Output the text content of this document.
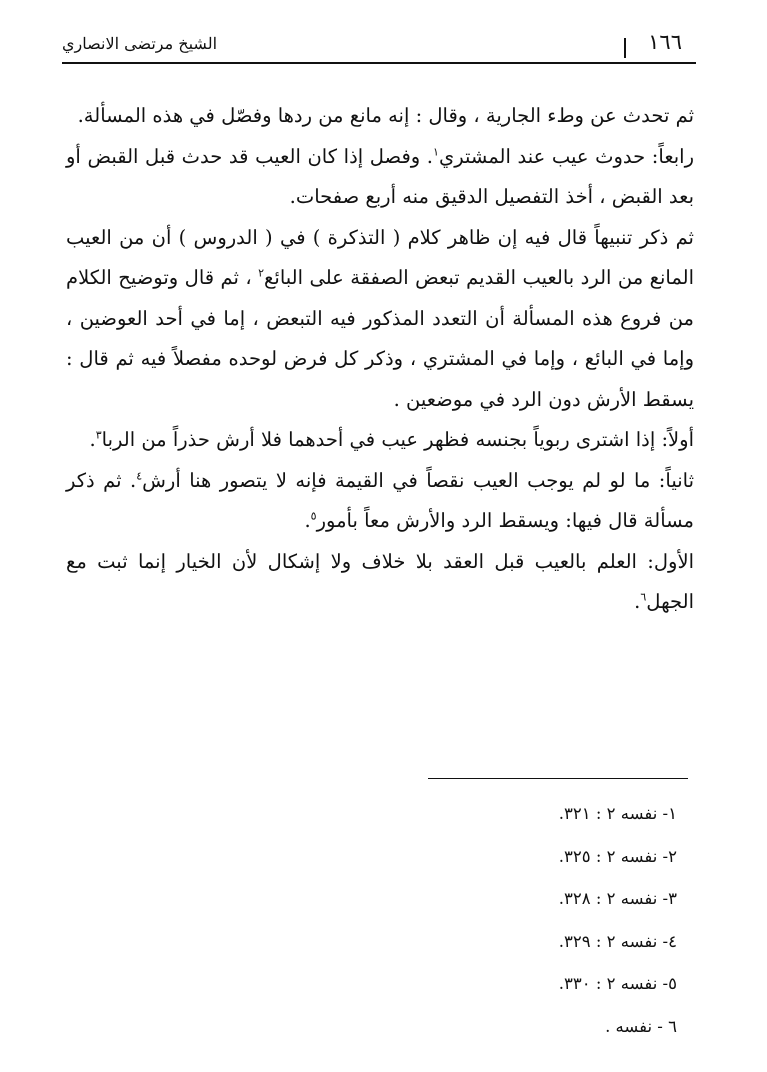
الشيخ مرتضى الانصاري	١٦٦

ثم تحدث عن وطء الجارية ، وقال : إنه مانع من ردها وفصّل في هذه المسألة.

رابعاً: حدوث عيب عند المشتري$^١$. وفصل إذا كان العيب قد حدث قبل القبض أو بعد القبض ، أخذ التفصيل الدقيق منه أربع صفحات.

ثم ذكر تنبيهاً قال فيه إن ظاهر كلام ( التذكرة ) في ( الدروس ) أن من العيب المانع من الرد بالعيب القديم تبعض الصفقة على البائع$^٢$ ، ثم قال وتوضيح الكلام من فروع هذه المسألة أن التعدد المذكور فيه التبعض ، إما في أحد العوضين ، وإما في البائع ، وإما في المشتري ، وذكر كل فرض لوحده مفصلاً فيه ثم قال : يسقط الأرش دون الرد في موضعين .

أولاً: إذا اشترى ربوياً بجنسه فظهر عيب في أحدهما فلا أرش حذراً من الربا$^٣$.

ثانياً: ما لو لم يوجب العيب نقصاً في القيمة فإنه لا يتصور هنا أرش$^٤$. ثم ذكر مسألة قال فيها: ويسقط الرد والأرش معاً بأمور$^٥$.

الأول: العلم بالعيب قبل العقد بلا خلاف ولا إشكال لأن الخيار إنما ثبت مع الجهل$^٦$.

١- نفسه ٢ : ٣٢١.
٢- نفسه ٢ : ٣٢٥.
٣- نفسه ٢ : ٣٢٨.
٤- نفسه ٢ : ٣٢٩.
٥- نفسه ٢ : ٣٣٠.
٦ - نفسه .
